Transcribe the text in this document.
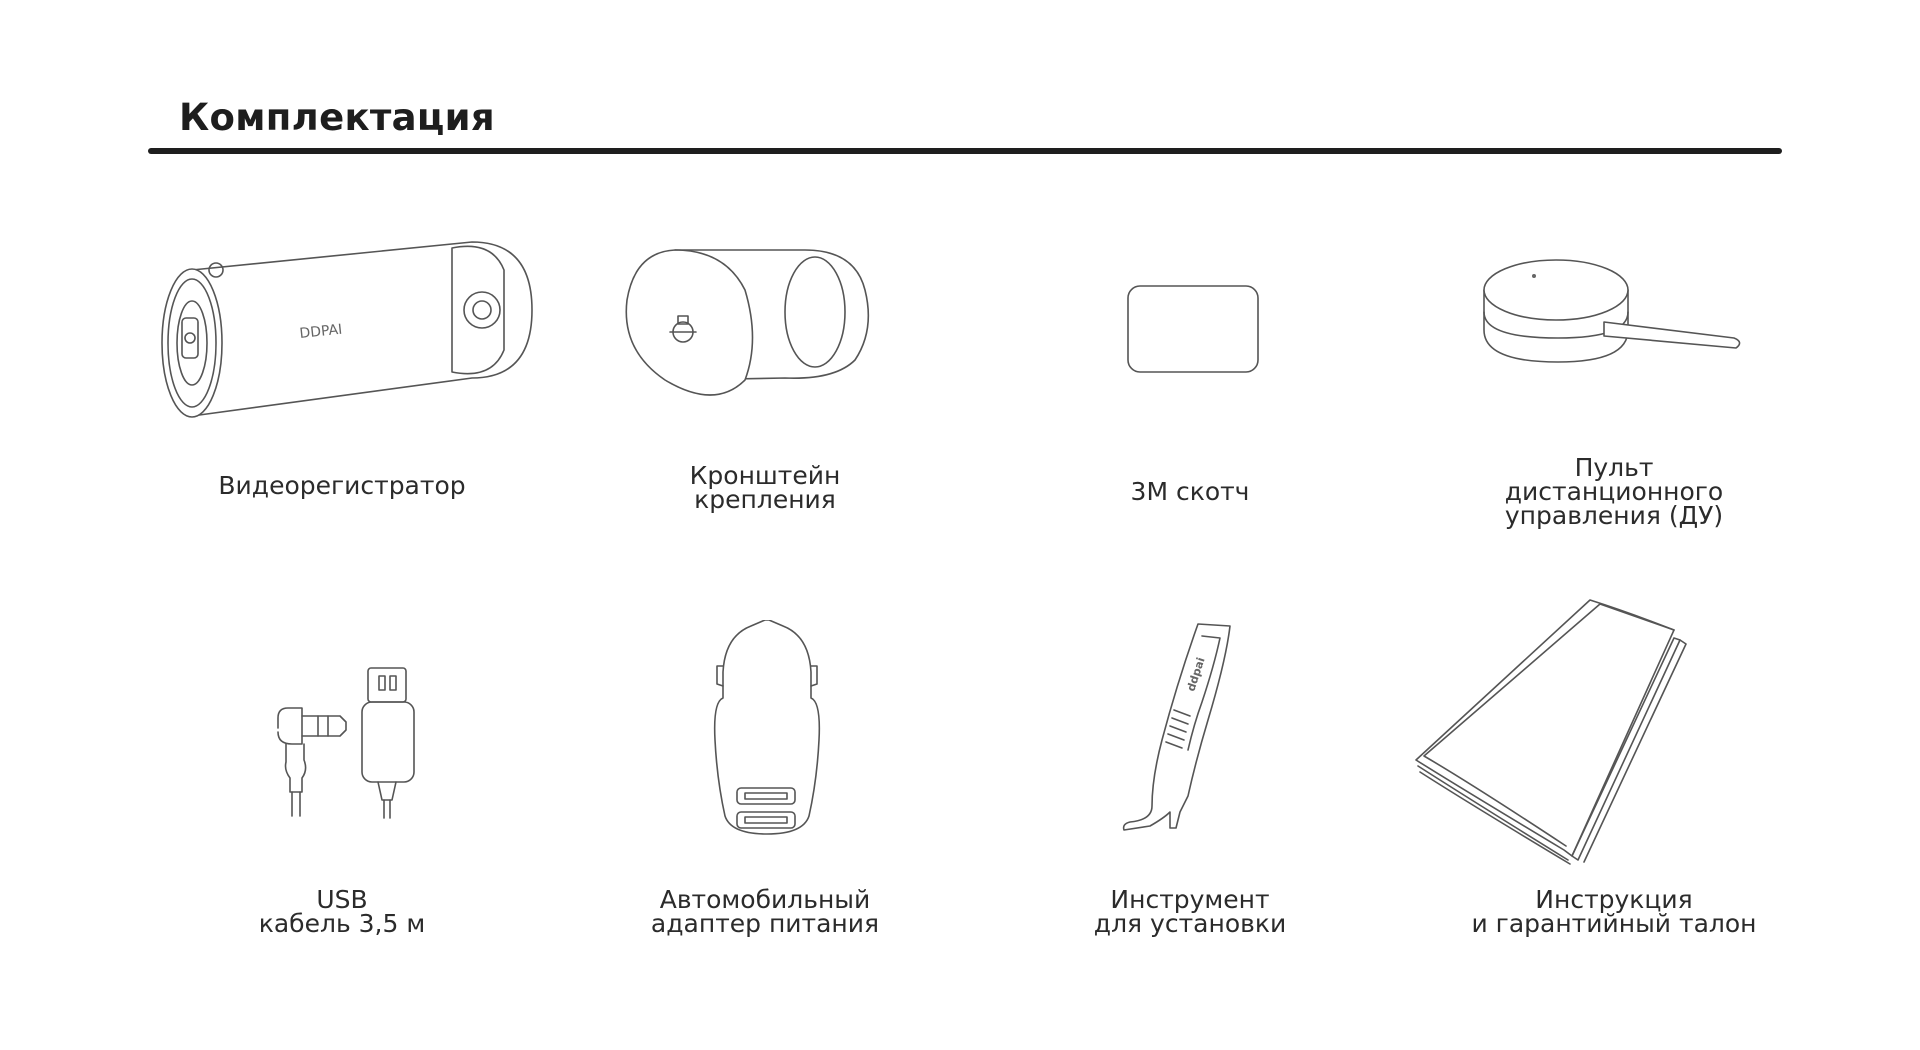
Комплектация
DDPAI
Видеорегистратор	Кронштейн
крепления	3M скотч
Пульт
дистанционного
управления (ДУ)
USB
кабель 3,5 м
Автомобильный
адаптер питания
ddpai
Инструмент
для установки
Инструкция
и гарантийный талон
